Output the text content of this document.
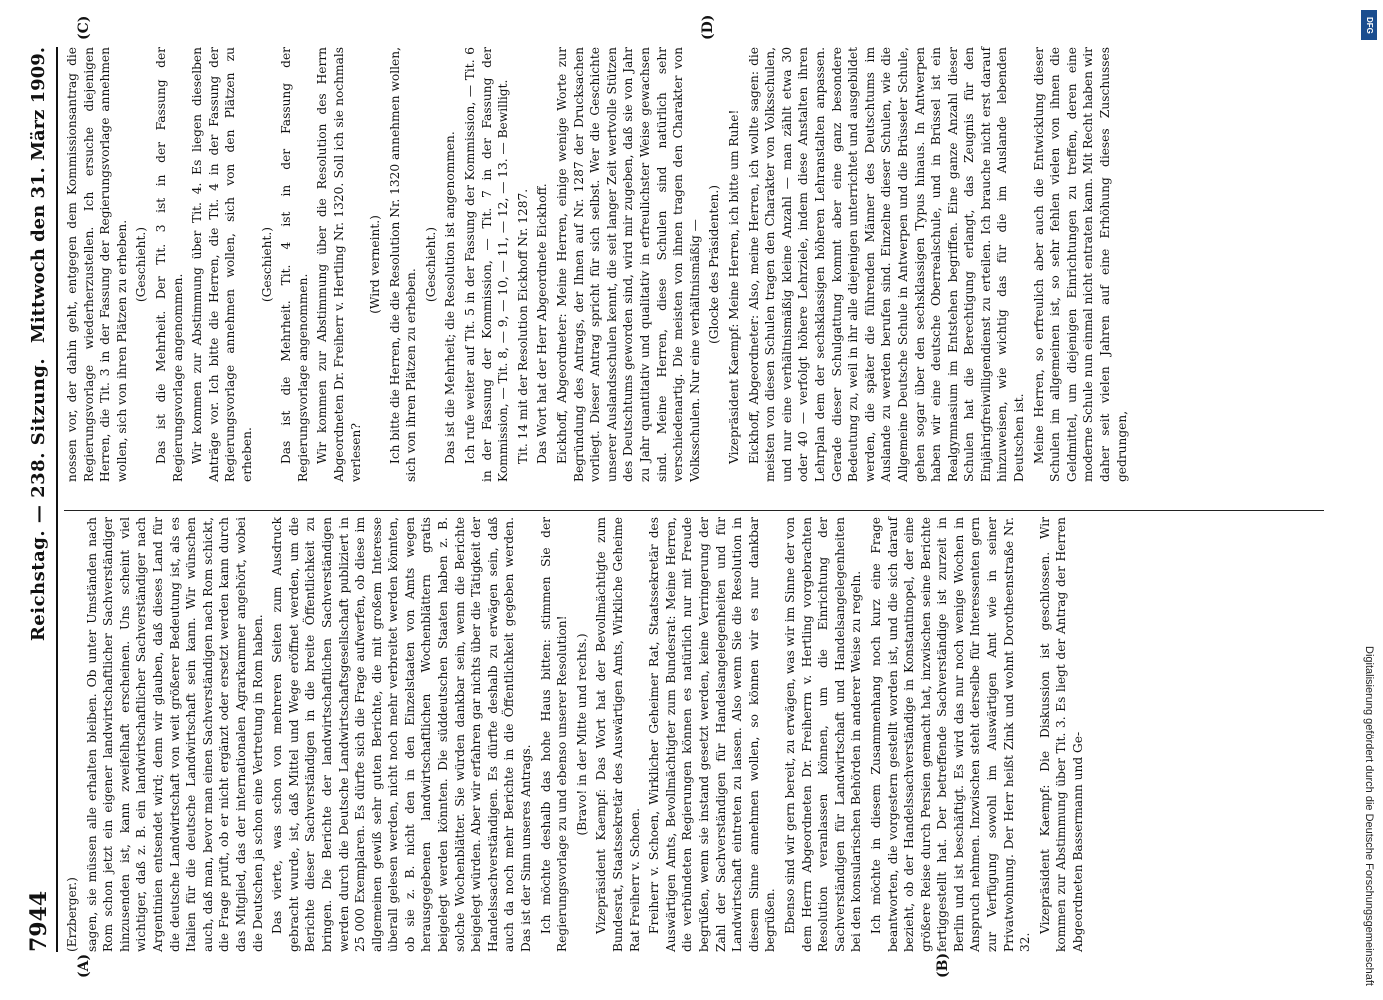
7944
Reichstag. — 238. Sitzung.
Mittwoch den 31. März 1909.

(Erzberger.) sagen, sie müssen alle erhalten bleiben. Ob unter Umständen nach Rom schon jetzt ein eigener landwirtschaftlicher Sachverständiger hinzusenden ist, kann zweifelhaft erscheinen. Uns scheint viel wichtiger, daß z. B. ein landwirtschaftlicher Sachverständiger nach Argentinien entsendet wird; denn wir glauben, daß dieses Land für die deutsche Landwirtschaft von weit größerer Bedeutung ist, als es Italien für die deutsche Landwirtschaft sein kann. Wir wünschen auch, daß man, bevor man einen Sachverständigen nach Rom schickt, die Frage prüft, ob er nicht ergänzt oder ersetzt werden kann durch das Mitglied, das der internationalen Agrarkammer angehört, wobei die Deutschen ja schon eine Vertretung in Rom haben. Das vierte, was schon von mehreren Seiten zum Ausdruck gebracht wurde, ist, daß Mittel und Wege eröffnet werden, um die Berichte dieser Sachverständigen in die breite Öffentlichkeit zu bringen. Die Berichte der landwirtschaftlichen Sachverständigen werden durch die Deutsche Landwirtschaftsgesellschaft publiziert in 25 000 Exemplaren. Es dürfte sich die Frage aufwerfen, ob diese im allgemeinen gewiß sehr guten Berichte, die mit großem Interesse überall gelesen werden, nicht noch mehr verbreitet werden könnten, ob sie z. B. nicht den in den Einzelstaaten von Amts wegen herausgegebenen landwirtschaftlichen Wochenblättern gratis beigelegt werden könnten. Die süddeutschen Staaten haben z. B. solche Wochenblätter. Sie würden dankbar sein, wenn die Berichte beigelegt würden. Aber wir erfahren gar nichts über die Tätigkeit der Handelssachverständigen. Es dürfte deshalb zu erwägen sein, daß auch da noch mehr Berichte in die Öffentlichkeit gegeben werden. Das ist der Sinn unseres Antrags. Ich möchte deshalb das hohe Haus bitten: stimmen Sie der Regierungsvorlage zu und ebenso unserer Resolution! (Bravo! in der Mitte und rechts.) Vizepräsident Kaempf: Das Wort hat der Bevollmächtigte zum Bundesrat, Staatssekretär des Auswärtigen Amts, Wirkliche Geheime Rat Freiherr v. Schoen. Freiherr v. Schoen, Wirklicher Geheimer Rat, Staatssekretär des Auswärtigen Amts, Bevollmächtigter zum Bundesrat: Meine Herren, die verbündeten Regierungen können es natürlich nur mit Freude begrüßen, wenn sie instand gesetzt werden, keine Verringerung der Zahl der Sachverständigen für Handelsangelegenheiten und für Landwirtschaft eintreten zu lassen. Also wenn Sie die Resolution in diesem Sinne annehmen wollen, so können wir es nur dankbar begrüßen. Ebenso sind wir gern bereit, zu erwägen, was wir im Sinne der von dem Herrn Abgeordneten Dr. Freiherrn v. Hertling vorgebrachten Resolution veranlassen können, um die Einrichtung der Sachverständigen für Landwirtschaft und Handelsangelegenheiten bei den konsularischen Behörden in anderer Weise zu regeln. Ich möchte in diesem Zusammenhang noch kurz eine Frage beantworten, die vorgestern gestellt worden ist, und die sich darauf bezieht, ob der Handelssachverständige in Konstantinopel, der eine größere Reise durch Persien gemacht hat, inzwischen seine Berichte fertiggestellt hat. Der betreffende Sachverständige ist zurzeit in Berlin und ist beschäftigt. Es wird das nur noch wenige Wochen in Anspruch nehmen. Inzwischen steht derselbe für Interessenten gern zur Verfügung sowohl im Auswärtigen Amt wie in seiner Privatwohnung. Der Herr heißt Zink und wohnt Dorotheenstraße Nr. 32.

Vizepräsident Kaempf: Die Diskussion ist geschlossen. Wir kommen zur Abstimmung über Tit. 3. Es liegt der Antrag der Herren Abgeordneten Bassermann und Ge-

nossen vor, der dahin geht, entgegen dem Kommissionsantrag die Regierungsvorlage wiederherzustellen. Ich ersuche diejenigen Herren, die Tit. 3 in der Fassung der Regierungsvorlage annehmen wollen, sich von ihren Plätzen zu erheben. (Geschieht.) Das ist die Mehrheit. Der Tit. 3 ist in der Fassung der Regierungsvorlage angenommen. Wir kommen zur Abstimmung über Tit. 4. Es liegen dieselben Anträge vor. Ich bitte die Herren, die Tit. 4 in der Fassung der Regierungsvorlage annehmen wollen, sich von den Plätzen zu erheben.

(Geschieht.) Das ist die Mehrheit. Tit. 4 ist in der Fassung der Regierungsvorlage angenommen. Wir kommen zur Abstimmung über die Resolution des Herrn Abgeordneten Dr. Freiherr v. Hertling Nr. 1320. Soll ich sie nochmals verlesen?

(Wird verneint.) Ich bitte die Herren, die die Resolution Nr. 1320 annehmen wollen, sich von ihren Plätzen zu erheben.

(Geschieht.) Das ist die Mehrheit; die Resolution ist angenommen. Ich rufe weiter auf Tit. 5 in der Fassung der Kommission, — Tit. 6 in der Fassung der Kommission, — Tit. 7 in der Fassung der Kommission, — Tit. 8, — 9, — 10, — 11, — 12, — 13. — Bewilligt. Tit. 14 mit der Resolution Eickhoff Nr. 1287. Das Wort hat der Herr Abgeordnete Eickhoff. Eickhoff, Abgeordneter: Meine Herren, einige wenige Worte zur Begründung des Antrags, der Ihnen auf Nr. 1287 der Drucksachen vorliegt. Dieser Antrag spricht für sich selbst. Wer die Geschichte unserer Auslandsschulen kennt, die seit langer Zeit wertvolle Stützen des Deutschtums geworden sind, wird mir zugeben, daß sie von Jahr zu Jahr quantitativ und qualitativ in erfreulichster Weise gewachsen sind. Meine Herren, diese Schulen sind natürlich sehr verschiedenartig. Die meisten von ihnen tragen den Charakter von Volksschulen. Nur eine verhältnismäßig — (Glocke des Präsidenten.) Vizepräsident Kaempf: Meine Herren, ich bitte um Ruhe! Eickhoff, Abgeordneter: Also, meine Herren, ich wollte sagen: die meisten von diesen Schulen tragen den Charakter von Volksschulen, und nur eine verhältnismäßig kleine Anzahl — man zählt etwa 30 oder 40 — verfolgt höhere Lehrziele, indem diese Anstalten ihren Lehrplan dem der sechsklassigen höheren Lehranstalten anpassen. Gerade dieser Schulgattung kommt aber eine ganz besondere Bedeutung zu, weil in ihr alle diejenigen unterrichtet und ausgebildet werden, die später die führenden Männer des Deutschtums im Auslande zu werden berufen sind. Einzelne dieser Schulen, wie die Allgemeine Deutsche Schule in Antwerpen und die Brüsseler Schule, gehen sogar über den sechsklassigen Typus hinaus. In Antwerpen haben wir eine deutsche Oberrealschule, und in Brüssel ist ein Realgymnasium im Entstehen begriffen. Eine ganze Anzahl dieser Schulen hat die Berechtigung erlangt, das Zeugnis für den Einjährigfreiwilligendienst zu erteilen. Ich brauche nicht erst darauf hinzuweisen, wie wichtig das für die im Auslande lebenden Deutschen ist. Meine Herren, so erfreulich aber auch die Entwicklung dieser Schulen im allgemeinen ist, so sehr fehlen vielen von ihnen die Geldmittel, um diejenigen Einrichtungen zu treffen, deren eine moderne Schule nun einmal nicht entraten kann. Mit Recht haben wir daher seit vielen Jahren auf eine Erhöhung dieses Zuschusses gedrungen,

(A)	(B)
(C)	(D)	DFG
Digitalisierung gefördert durch die Deutsche Forschungsgemeinschaft
